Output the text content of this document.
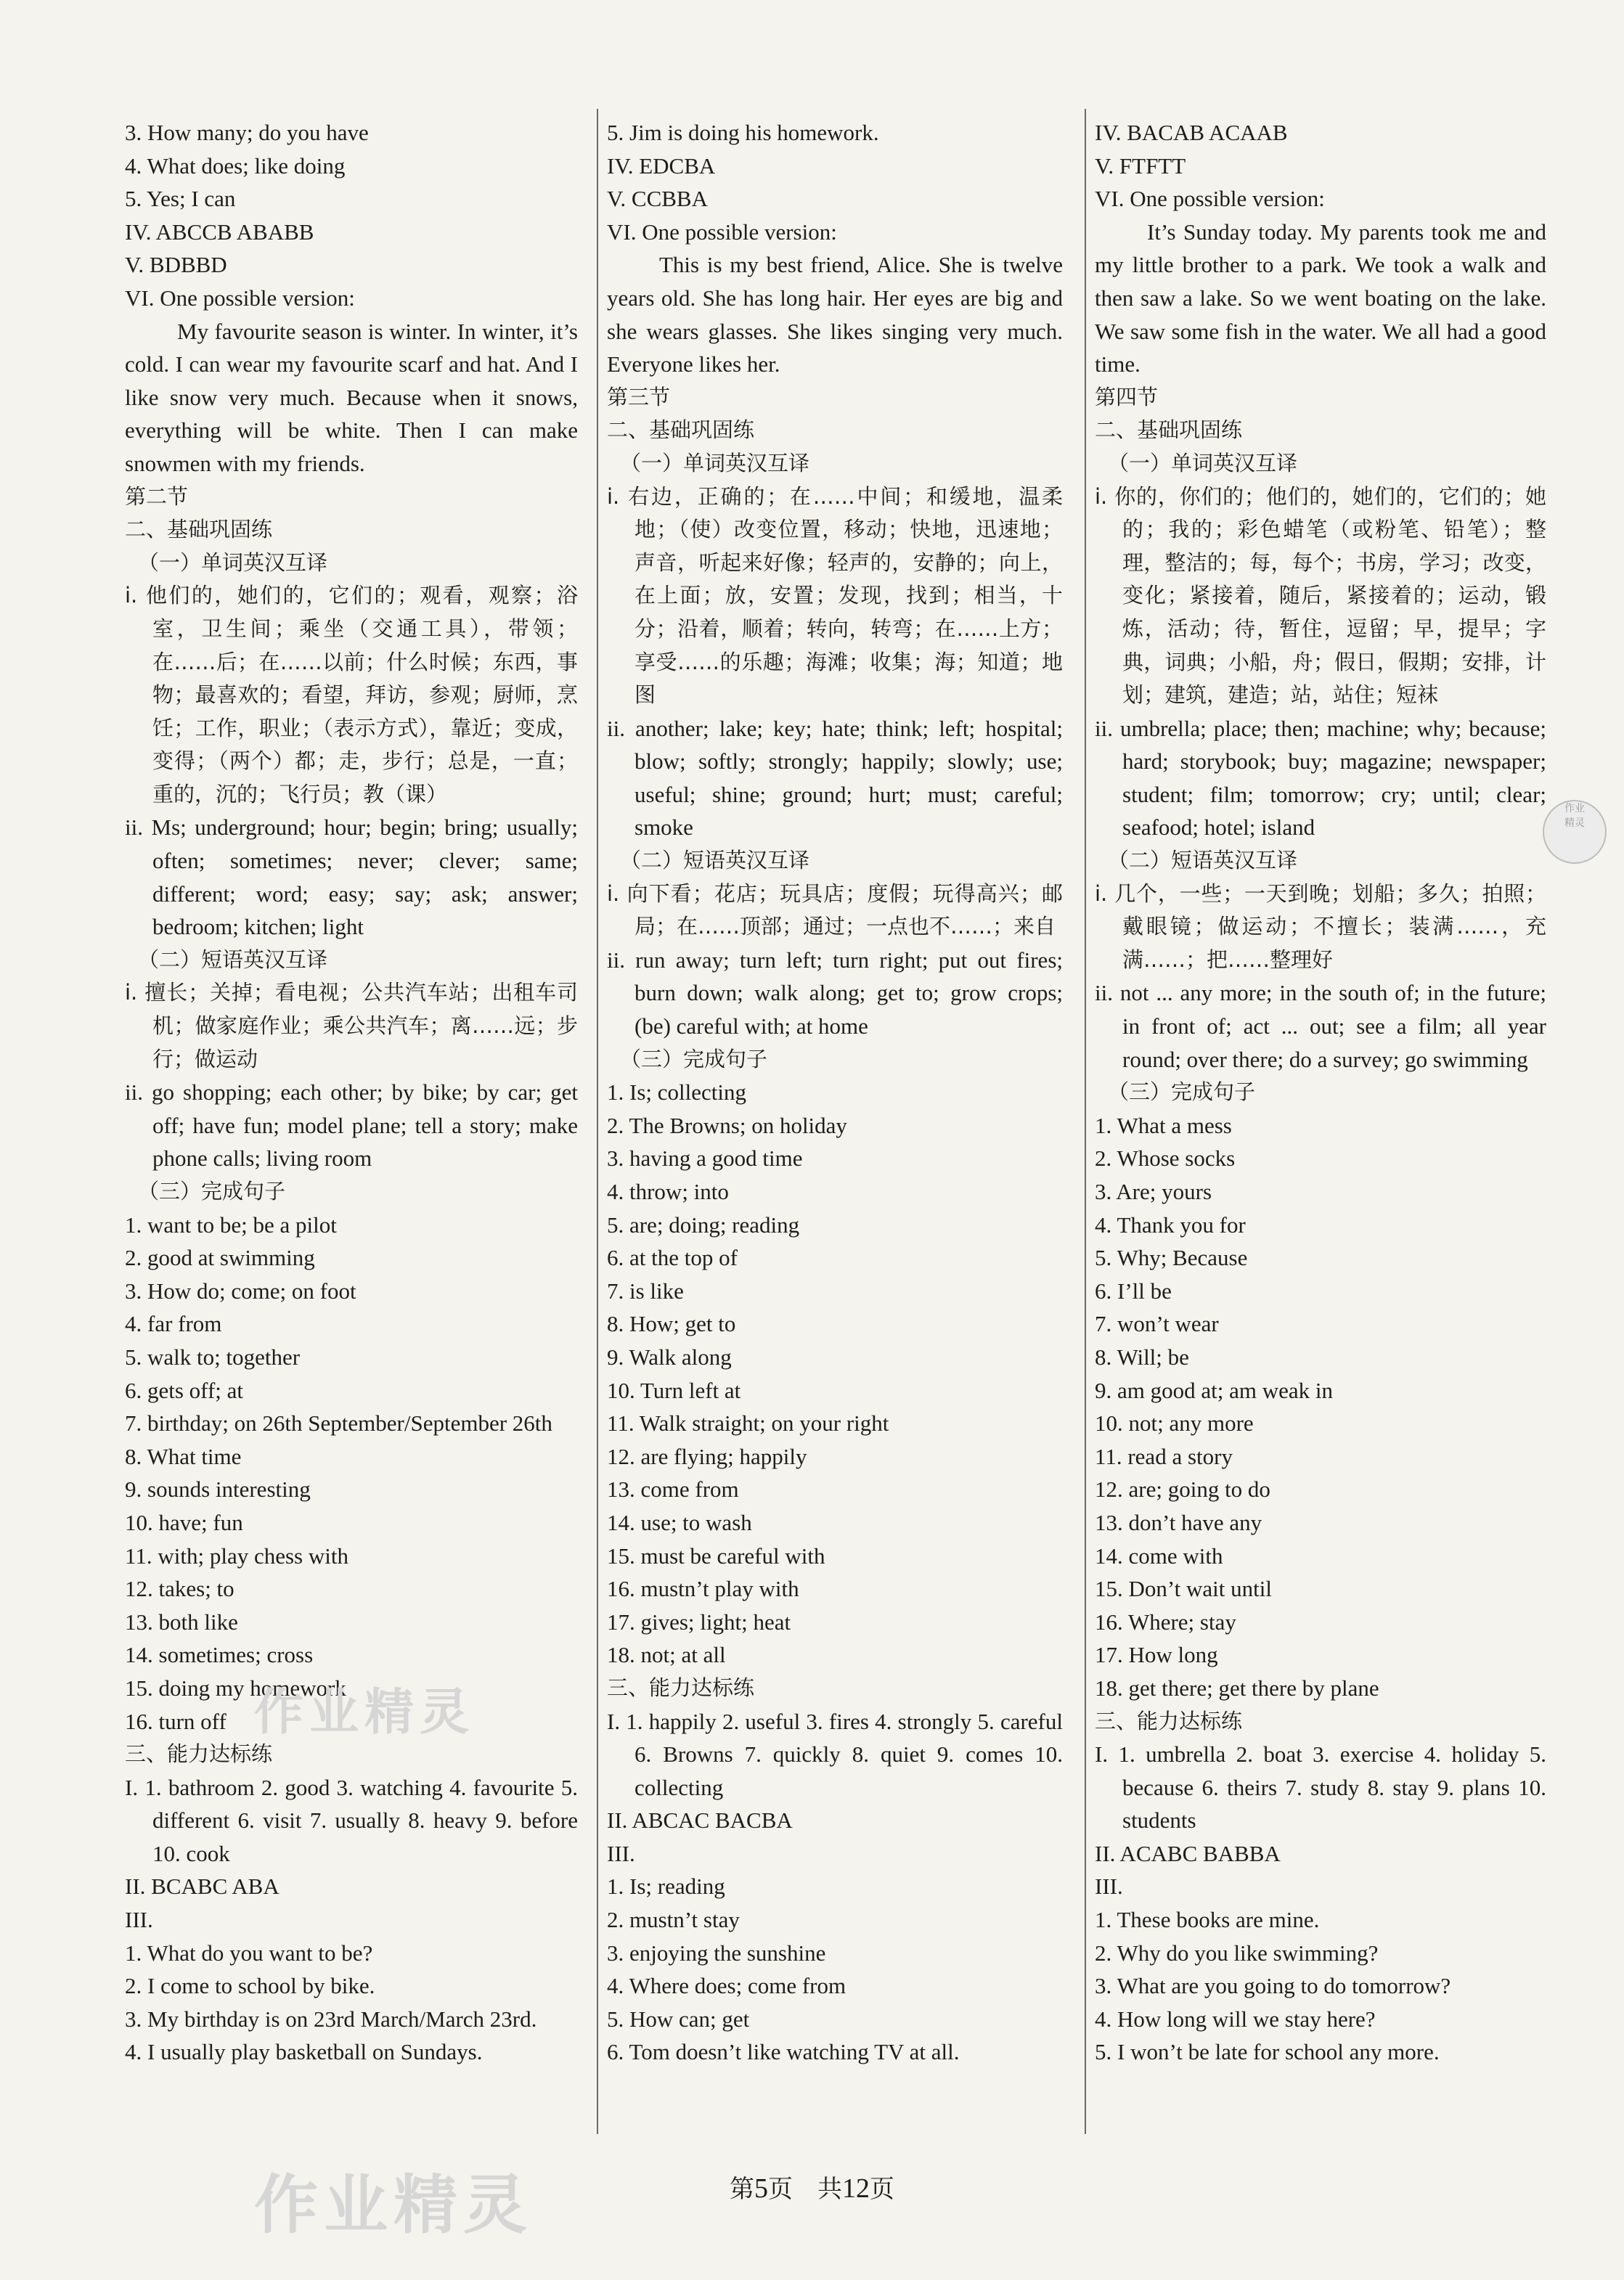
3. How many; do you have
4. What does; like doing
5. Yes; I can
IV. ABCCB ABABB
V. BDBBD
VI. One possible version:
My favourite season is winter. In winter, it’s cold. I can wear my favourite scarf and hat. And I like snow very much. Because when it snows, everything will be white. Then I can make snowmen with my friends.
第二节
二、基础巩固练
（一）单词英汉互译
i. 他们的，她们的，它们的；观看，观察；浴室，卫生间；乘坐（交通工具），带领；在……后；在……以前；什么时候；东西，事物；最喜欢的；看望，拜访，参观；厨师，烹饪；工作，职业；（表示方式），靠近；变成，变得；（两个）都；走，步行；总是，一直；重的，沉的；飞行员；教（课）
ii. Ms; underground; hour; begin; bring; usually; often; sometimes; never; clever; same; different; word; easy; say; ask; answer; bedroom; kitchen; light
（二）短语英汉互译
i. 擅长；关掉；看电视；公共汽车站；出租车司机；做家庭作业；乘公共汽车；离……远；步行；做运动
ii. go shopping; each other; by bike; by car; get off; have fun; model plane; tell a story; make phone calls; living room
（三）完成句子
1. want to be; be a pilot
2. good at swimming
3. How do; come; on foot
4. far from
5. walk to; together
6. gets off; at
7. birthday; on 26th September/September 26th
8. What time
9. sounds interesting
10. have; fun
11. with; play chess with
12. takes; to
13. both like
14. sometimes; cross
15. doing my homework
16. turn off
三、能力达标练
I. 1. bathroom 2. good 3. watching 4. favourite 5. different 6. visit 7. usually 8. heavy 9. before 10. cook
II. BCABC ABA
III.
1. What do you want to be?
2. I come to school by bike.
3. My birthday is on 23rd March/March 23rd.
4. I usually play basketball on Sundays.
5. Jim is doing his homework.
IV. EDCBA
V. CCBBA
VI. One possible version:
This is my best friend, Alice. She is twelve years old. She has long hair. Her eyes are big and she wears glasses. She likes singing very much. Everyone likes her.
第三节
二、基础巩固练
（一）单词英汉互译
i. 右边，正确的；在……中间；和缓地，温柔地；（使）改变位置，移动；快地，迅速地；声音，听起来好像；轻声的，安静的；向上，在上面；放，安置；发现，找到；相当，十分；沿着，顺着；转向，转弯；在……上方；享受……的乐趣；海滩；收集；海；知道；地图
ii. another; lake; key; hate; think; left; hospital; blow; softly; strongly; happily; slowly; use; useful; shine; ground; hurt; must; careful; smoke
（二）短语英汉互译
i. 向下看；花店；玩具店；度假；玩得高兴；邮局；在……顶部；通过；一点也不……；来自
ii. run away; turn left; turn right; put out fires; burn down; walk along; get to; grow crops; (be) careful with; at home
（三）完成句子
1. Is; collecting
2. The Browns; on holiday
3. having a good time
4. throw; into
5. are; doing; reading
6. at the top of
7. is like
8. How; get to
9. Walk along
10. Turn left at
11. Walk straight; on your right
12. are flying; happily
13. come from
14. use; to wash
15. must be careful with
16. mustn’t play with
17. gives; light; heat
18. not; at all
三、能力达标练
I. 1. happily 2. useful 3. fires 4. strongly 5. careful 6. Browns 7. quickly 8. quiet 9. comes 10. collecting
II. ABCAC BACBA
III.
1. Is; reading
2. mustn’t stay
3. enjoying the sunshine
4. Where does; come from
5. How can; get
6. Tom doesn’t like watching TV at all.
IV. BACAB ACAAB
V. FTFTT
VI. One possible version:
It’s Sunday today. My parents took me and my little brother to a park. We took a walk and then saw a lake. So we went boating on the lake. We saw some fish in the water. We all had a good time.
第四节
二、基础巩固练
（一）单词英汉互译
i. 你的，你们的；他们的，她们的，它们的；她的；我的；彩色蜡笔（或粉笔、铅笔）；整理，整洁的；每，每个；书房，学习；改变，变化；紧接着，随后，紧接着的；运动，锻炼，活动；待，暂住，逗留；早，提早；字典，词典；小船，舟；假日，假期；安排，计划；建筑，建造；站，站住；短袜
ii. umbrella; place; then; machine; why; because; hard; storybook; buy; magazine; newspaper; student; film; tomorrow; cry; until; clear; seafood; hotel; island
（二）短语英汉互译
i. 几个，一些；一天到晚；划船；多久；拍照；戴眼镜；做运动；不擅长；装满……，充满……；把……整理好
ii. not ... any more; in the south of; in the future; in front of; act ... out; see a film; all year round; over there; do a survey; go swimming
（三）完成句子
1. What a mess
2. Whose socks
3. Are; yours
4. Thank you for
5. Why; Because
6. I’ll be
7. won’t wear
8. Will; be
9. am good at; am weak in
10. not; any more
11. read a story
12. are; going to do
13. don’t have any
14. come with
15. Don’t wait until
16. Where; stay
17. How long
18. get there; get there by plane
三、能力达标练
I. 1. umbrella 2. boat 3. exercise 4. holiday 5. because 6. theirs 7. study 8. stay 9. plans 10. students
II. ACABC BABBA
III.
1. These books are mine.
2. Why do you like swimming?
3. What are you going to do tomorrow?
4. How long will we stay here?
5. I won’t be late for school any more.
作业精灵
作业精灵
作业
精灵
第5页　共12页
